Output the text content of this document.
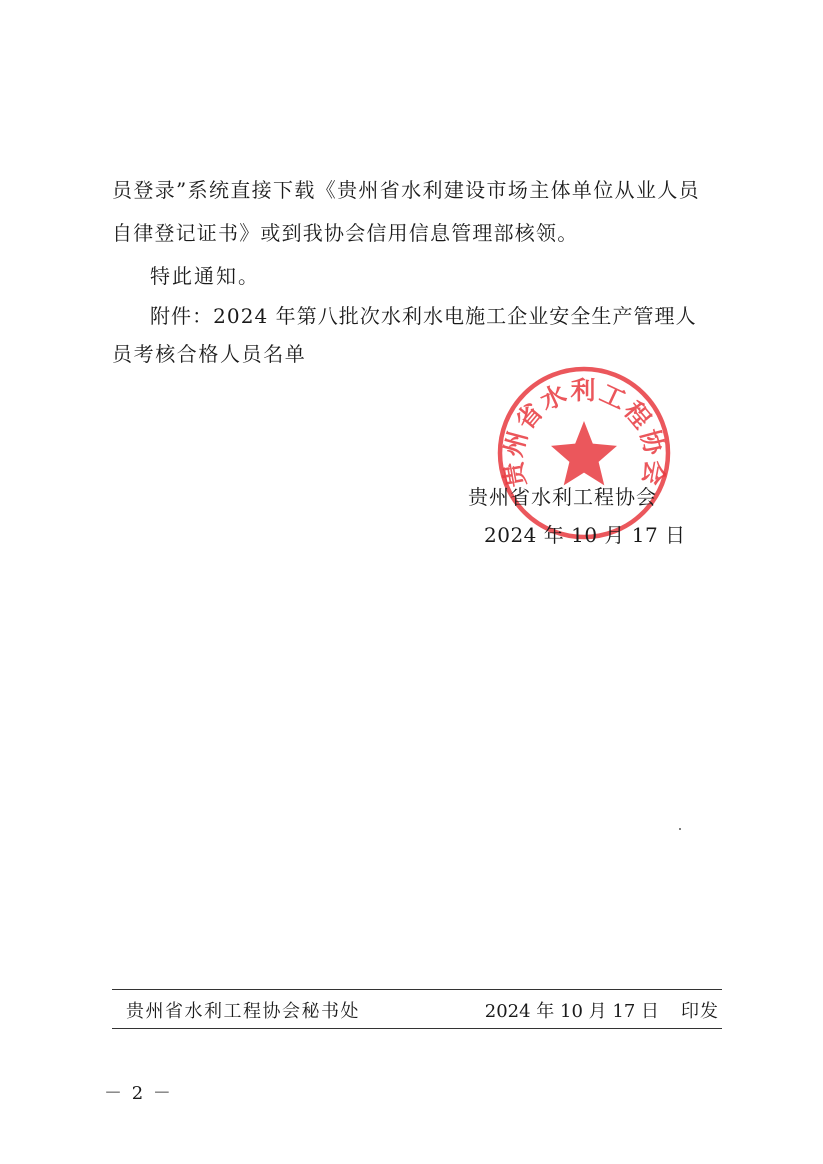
员登录”系统直接下载《贵州省水利建设市场主体单位从业人员
自律登记证书》或到我协会信用信息管理部核领。
特此通知。
附件：2024 年第八批次水利水电施工企业安全生产管理人
员考核合格人员名单
贵州省水利工程协会
贵州省水利工程协会
2024 年 10 月 17 日
贵州省水利工程协会秘书处	2024 年 10 月 17 日 印发
－ 2 －
